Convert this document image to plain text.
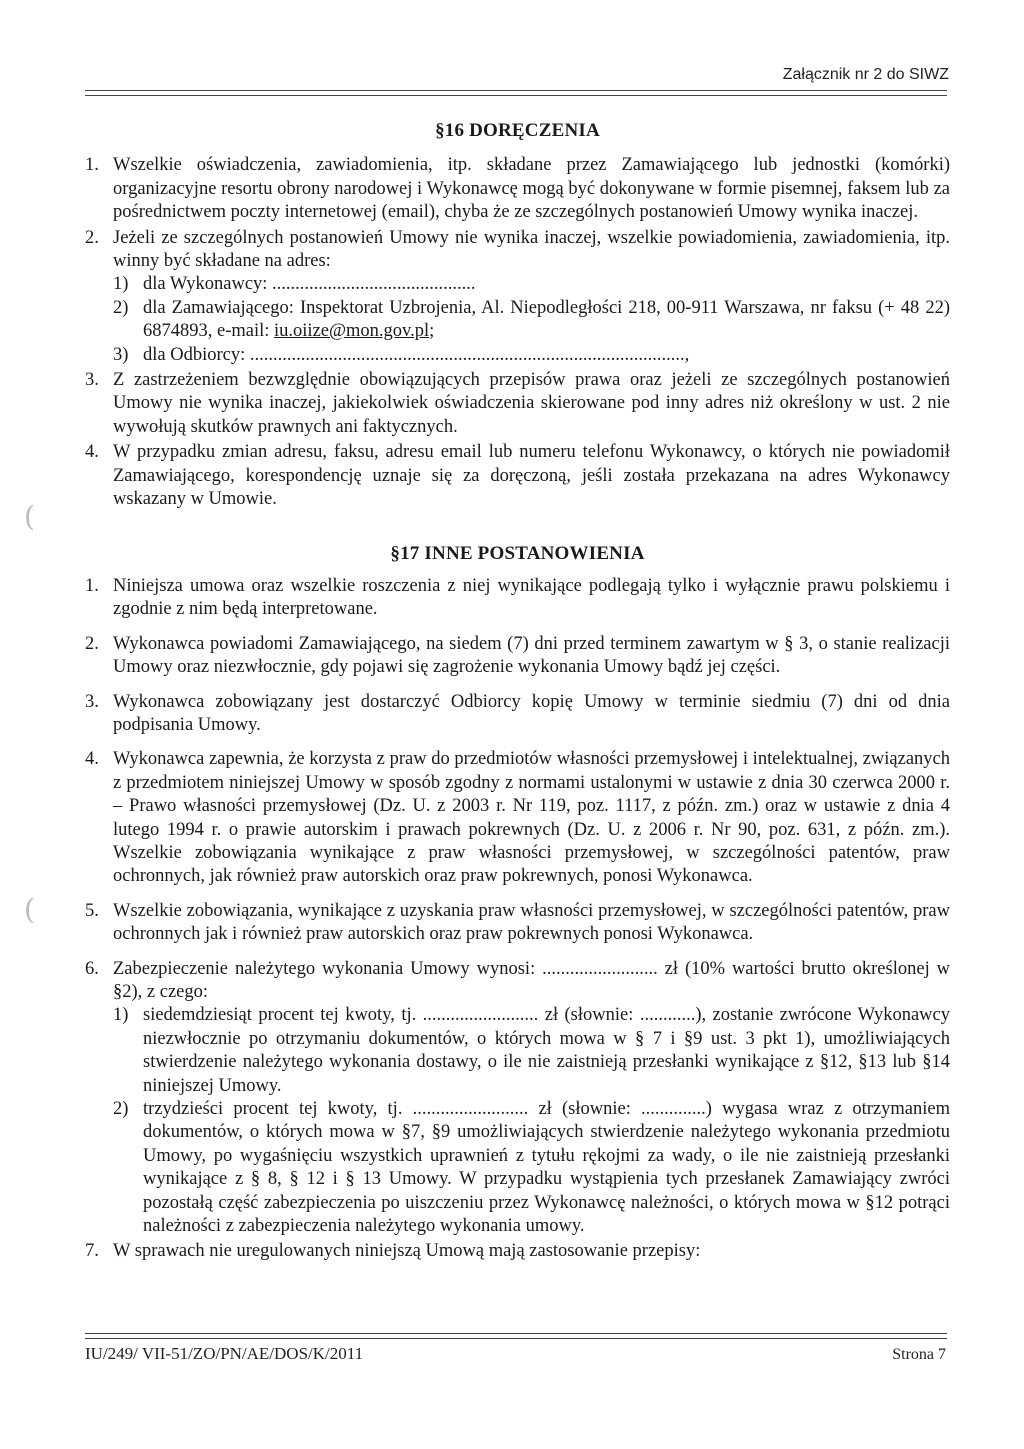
Załącznik nr 2 do SIWZ
(
(
§16 DORĘCZENIA
1. Wszelkie oświadczenia, zawiadomienia, itp. składane przez Zamawiającego lub jednostki (komórki) organizacyjne resortu obrony narodowej i Wykonawcę mogą być dokonywane w formie pisemnej, faksem lub za pośrednictwem poczty internetowej (email), chyba że ze szczególnych postanowień Umowy wynika inaczej.
2. Jeżeli ze szczególnych postanowień Umowy nie wynika inaczej, wszelkie powiadomienia, zawiadomienia, itp. winny być składane na adres:
1) dla Wykonawcy: ............................................
2) dla Zamawiającego: Inspektorat Uzbrojenia, Al. Niepodległości 218, 00-911 Warszawa, nr faksu (+ 48 22) 6874893, e-mail: iu.oiize@mon.gov.pl;
3) dla Odbiorcy: ..............................................................................................,
3. Z zastrzeżeniem bezwzględnie obowiązujących przepisów prawa oraz jeżeli ze szczególnych postanowień Umowy nie wynika inaczej, jakiekolwiek oświadczenia skierowane pod inny adres niż określony w ust. 2 nie wywołują skutków prawnych ani faktycznych.
4. W przypadku zmian adresu, faksu, adresu email lub numeru telefonu Wykonawcy, o których nie powiadomił Zamawiającego, korespondencję uznaje się za doręczoną, jeśli została przekazana na adres Wykonawcy wskazany w Umowie.
§17 INNE POSTANOWIENIA
1. Niniejsza umowa oraz wszelkie roszczenia z niej wynikające podlegają tylko i wyłącznie prawu polskiemu i zgodnie z nim będą interpretowane.
2. Wykonawca powiadomi Zamawiającego, na siedem (7) dni przed terminem zawartym w § 3, o stanie realizacji Umowy oraz niezwłocznie, gdy pojawi się zagrożenie wykonania Umowy bądź jej części.
3. Wykonawca zobowiązany jest dostarczyć Odbiorcy kopię Umowy w terminie siedmiu (7) dni od dnia podpisania Umowy.
4. Wykonawca zapewnia, że korzysta z praw do przedmiotów własności przemysłowej i intelektualnej, związanych z przedmiotem niniejszej Umowy w sposób zgodny z normami ustalonymi w ustawie z dnia 30 czerwca 2000 r. – Prawo własności przemysłowej (Dz. U. z 2003 r. Nr 119, poz. 1117, z późn. zm.) oraz w ustawie z dnia 4 lutego 1994 r. o prawie autorskim i prawach pokrewnych (Dz. U. z 2006 r. Nr 90, poz. 631, z późn. zm.). Wszelkie zobowiązania wynikające z praw własności przemysłowej, w szczególności patentów, praw ochronnych, jak również praw autorskich oraz praw pokrewnych, ponosi Wykonawca.
5. Wszelkie zobowiązania, wynikające z uzyskania praw własności przemysłowej, w szczególności patentów, praw ochronnych jak i również praw autorskich oraz praw pokrewnych ponosi Wykonawca.
6. Zabezpieczenie należytego wykonania Umowy wynosi: ......................... zł (10% wartości brutto określonej w §2), z czego:
1) siedemdziesiąt procent tej kwoty, tj. ......................... zł (słownie: ............), zostanie zwrócone Wykonawcy niezwłocznie po otrzymaniu dokumentów, o których mowa w § 7 i §9 ust. 3 pkt 1), umożliwiających stwierdzenie należytego wykonania dostawy, o ile nie zaistnieją przesłanki wynikające z §12, §13 lub §14 niniejszej Umowy.
2) trzydzieści procent tej kwoty, tj. ......................... zł (słownie: ..............) wygasa wraz z otrzymaniem dokumentów, o których mowa w §7, §9 umożliwiających stwierdzenie należytego wykonania przedmiotu Umowy, po wygaśnięciu wszystkich uprawnień z tytułu rękojmi za wady, o ile nie zaistnieją przesłanki wynikające z § 8, § 12 i § 13 Umowy. W przypadku wystąpienia tych przesłanek Zamawiający zwróci pozostałą część zabezpieczenia po uiszczeniu przez Wykonawcę należności, o których mowa w §12 potrąci należności z zabezpieczenia należytego wykonania umowy.
7. W sprawach nie uregulowanych niniejszą Umową mają zastosowanie przepisy:
IU/249/ VII-51/ZO/PN/AE/DOS/K/2011	Strona 7
